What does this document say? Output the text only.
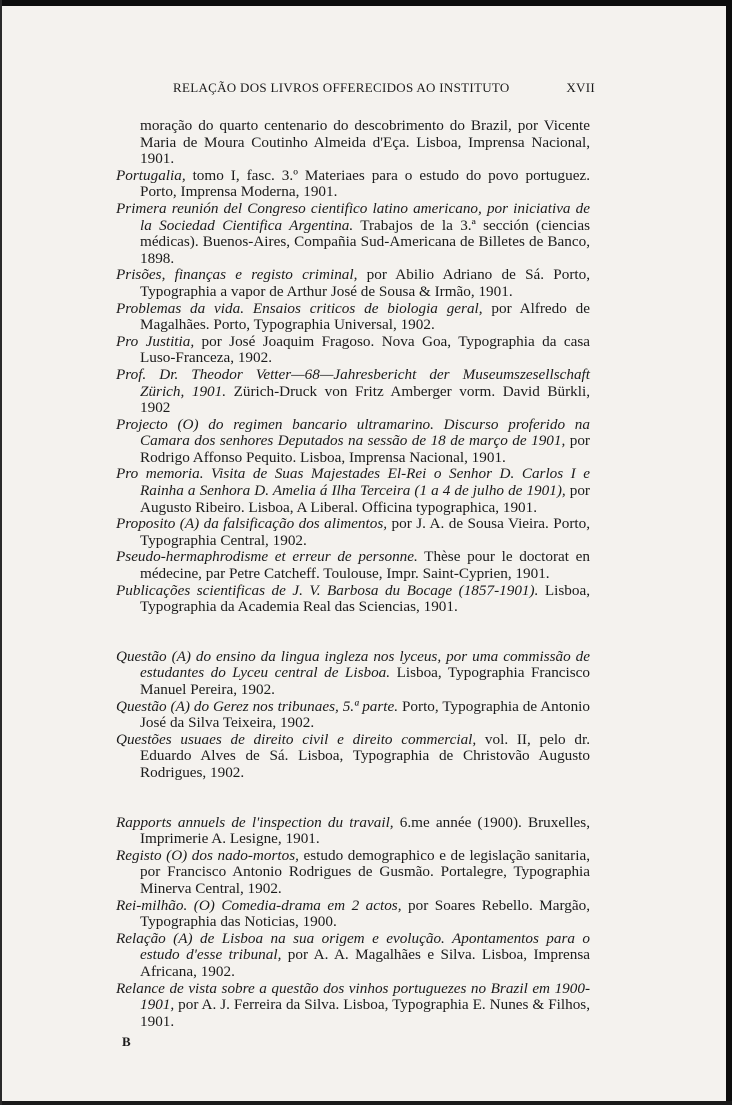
RELAÇÃO DOS LIVROS OFFERECIDOS AO INSTITUTO	XVII

moração do quarto centenario do descobrimento do Brazil, por Vicente Maria de Moura Coutinho Almeida d'Eça. Lisboa, Imprensa Nacional, 1901.

Portugalia, tomo I, fasc. 3.º Materiaes para o estudo do povo portuguez. Porto, Imprensa Moderna, 1901.

Primera reunión del Congreso cientifico latino americano, por iniciativa de la Sociedad Cientifica Argentina. Trabajos de la 3.ª sección (ciencias médicas). Buenos-Aires, Compañia Sud-Americana de Billetes de Banco, 1898.

Prisões, finanças e registo criminal, por Abilio Adriano de Sá. Porto, Typographia a vapor de Arthur José de Sousa & Irmão, 1901.

Problemas da vida. Ensaios criticos de biologia geral, por Alfredo de Magalhães. Porto, Typographia Universal, 1902.

Pro Justitia, por José Joaquim Fragoso. Nova Goa, Typographia da casa Luso-Franceza, 1902.

Prof. Dr. Theodor Vetter—68—Jahresbericht der Museumszesellschaft Zürich, 1901. Zürich-Druck von Fritz Amberger vorm. David Bürkli, 1902

Projecto (O) do regimen bancario ultramarino. Discurso proferido na Camara dos senhores Deputados na sessão de 18 de março de 1901, por Rodrigo Affonso Pequito. Lisboa, Imprensa Nacional, 1901.

Pro memoria. Visita de Suas Majestades El-Rei o Senhor D. Carlos I e Rainha a Senhora D. Amelia á Ilha Terceira (1 a 4 de julho de 1901), por Augusto Ribeiro. Lisboa, A Liberal. Officina typographica, 1901.

Proposito (A) da falsificação dos alimentos, por J. A. de Sousa Vieira. Porto, Typographia Central, 1902.

Pseudo-hermaphrodisme et erreur de personne. Thèse pour le doctorat en médecine, par Petre Catcheff. Toulouse, Impr. Saint-Cyprien, 1901.

Publicações scientificas de J. V. Barbosa du Bocage (1857-1901). Lisboa, Typographia da Academia Real das Sciencias, 1901.

Questão (A) do ensino da lingua ingleza nos lyceus, por uma commissão de estudantes do Lyceu central de Lisboa. Lisboa, Typographia Francisco Manuel Pereira, 1902.

Questão (A) do Gerez nos tribunaes, 5.ª parte. Porto, Typographia de Antonio José da Silva Teixeira, 1902.

Questões usuaes de direito civil e direito commercial, vol. II, pelo dr. Eduardo Alves de Sá. Lisboa, Typographia de Christovão Augusto Rodrigues, 1902.

Rapports annuels de l'inspection du travail, 6.me année (1900). Bruxelles, Imprimerie A. Lesigne, 1901.

Registo (O) dos nado-mortos, estudo demographico e de legislação sanitaria, por Francisco Antonio Rodrigues de Gusmão. Portalegre, Typographia Minerva Central, 1902.

Rei-milhão. (O) Comedia-drama em 2 actos, por Soares Rebello. Margão, Typographia das Noticias, 1900.

Relação (A) de Lisboa na sua origem e evolução. Apontamentos para o estudo d'esse tribunal, por A. A. Magalhães e Silva. Lisboa, Imprensa Africana, 1902.

Relance de vista sobre a questão dos vinhos portuguezes no Brazil em 1900-1901, por A. J. Ferreira da Silva. Lisboa, Typographia E. Nunes & Filhos, 1901.

B
